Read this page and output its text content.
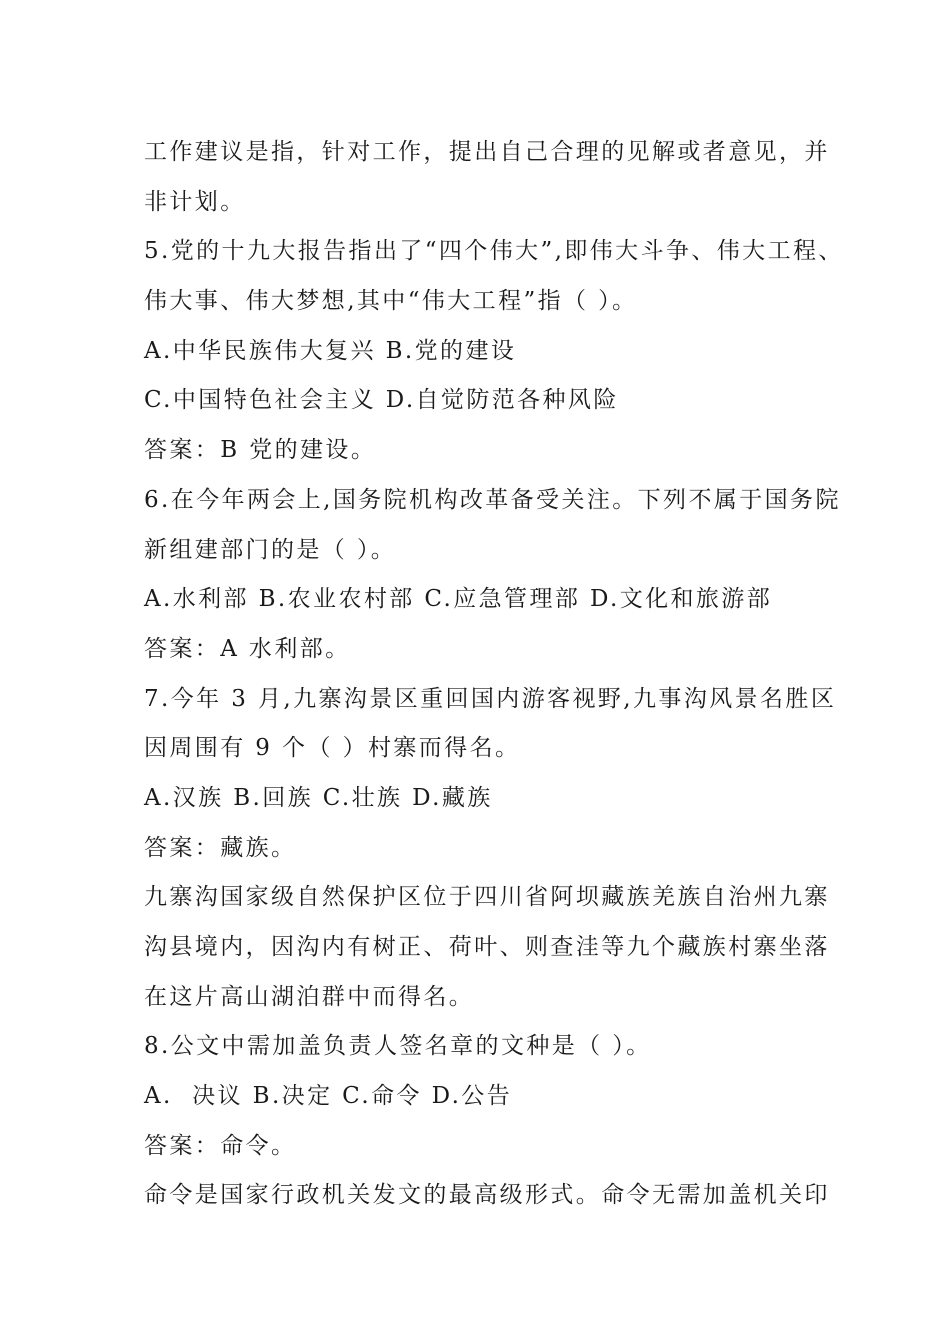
工作建议是指，针对工作，提出自己合理的见解或者意见，并
非计划。
5.党的十九大报告指出了“四个伟大”,即伟大斗争、伟大工程、
伟大事、伟大梦想,其中“伟大工程”指（ ）。
A.中华民族伟大复兴 B.党的建设
C.中国特色社会主义 D.自觉防范各种风险
答案：B 党的建设。
6.在今年两会上,国务院机构改革备受关注。下列不属于国务院
新组建部门的是（ ）。
A.水利部 B.农业农村部 C.应急管理部 D.文化和旅游部
答案：A 水利部。
7.今年 3 月,九寨沟景区重回国内游客视野,九事沟风景名胜区
因周围有 9 个（ ）村寨而得名。
A.汉族 B.回族 C.壮族 D.藏族
答案：藏族。
九寨沟国家级自然保护区位于四川省阿坝藏族羌族自治州九寨
沟县境内，因沟内有树正、荷叶、则查洼等九个藏族村寨坐落
在这片高山湖泊群中而得名。
8.公文中需加盖负责人签名章的文种是（ ）。
A.  决议 B.决定 C.命令 D.公告
答案：命令。
命令是国家行政机关发文的最高级形式。命令无需加盖机关印
